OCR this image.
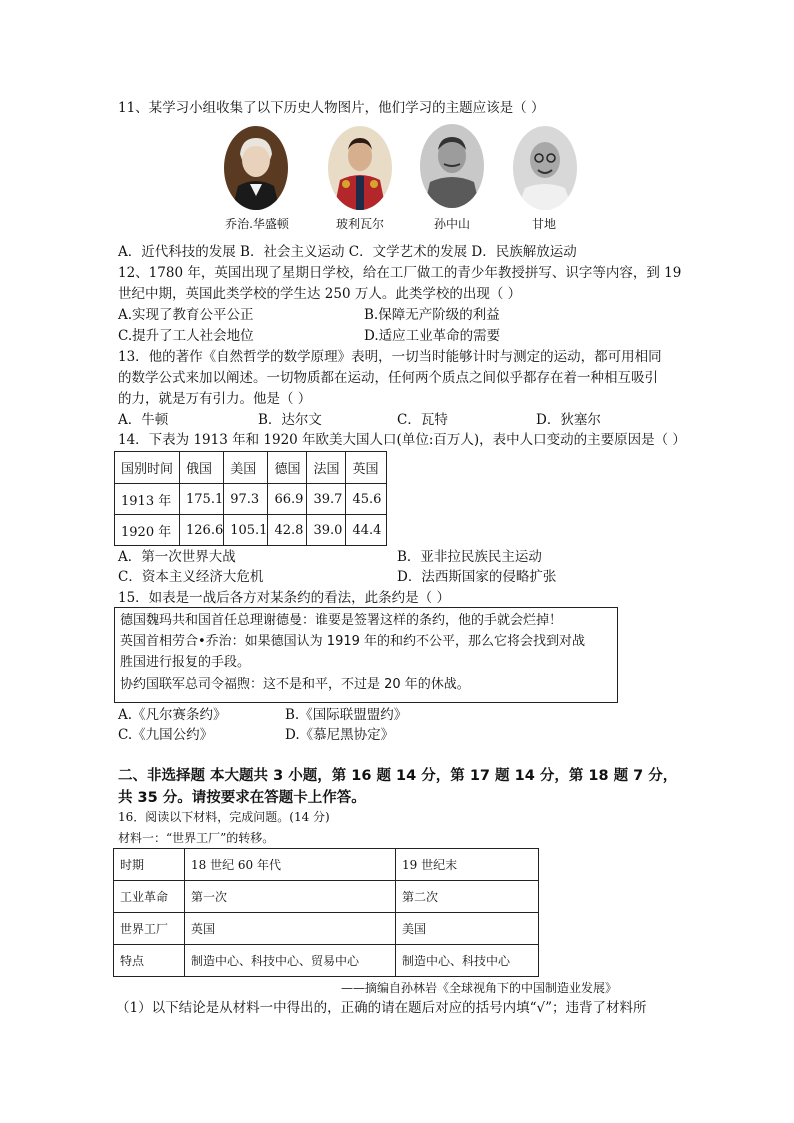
11、某学习小组收集了以下历史人物图片，他们学习的主题应该是（ ）
乔治.华盛顿	玻利瓦尔	孙中山	甘地
A．近代科技的发展 B．社会主义运动 C．文学艺术的发展 D．民族解放运动
12、1780 年，英国出现了星期日学校，给在工厂做工的青少年教授拼写、识字等内容，到 19
世纪中期，英国此类学校的学生达 250 万人。此类学校的出现（ ）
A.实现了教育公平公正	B.保障无产阶级的利益
C.提升了工人社会地位	D.适应工业革命的需要
13．他的著作《自然哲学的数学原理》表明，一切当时能够计时与测定的运动，都可用相同
的数学公式来加以阐述。一切物质都在运动，任何两个质点之间似乎都存在着一种相互吸引
的力，就是万有引力。他是（ ）
A．牛顿	B．达尔文	C．瓦特	D．狄塞尔
14．下表为 1913 年和 1920 年欧美大国人口(单位:百万人)，表中人口变动的主要原因是（ ）
国别时间	俄国	美国	德国	法国	英国
1913 年	175.1	97.3	66.9	39.7	45.6
1920 年	126.6	105.1	42.8	39.0	44.4
A．第一次世界大战	B．亚非拉民族民主运动
C．资本主义经济大危机	D．法西斯国家的侵略扩张
15．如表是一战后各方对某条约的看法，此条约是（ ）
德国魏玛共和国首任总理谢德曼：谁要是签署这样的条约，他的手就会烂掉！
英国首相劳合•乔治：如果德国认为 1919 年的和约不公平，那么它将会找到对战
胜国进行报复的手段。
协约国联军总司令福煦：这不是和平，不过是 20 年的休战。
A.《凡尔赛条约》	B.《国际联盟盟约》
C.《九国公约》	D.《慕尼黑协定》
二、非选择题 本大题共 3 小题，第 16 题 14 分，第 17 题 14 分，第 18 题 7 分，
共 35 分。请按要求在答题卡上作答。
16．阅读以下材料，完成问题。(14 分)
材料一：“世界工厂”的转移。
时期	18 世纪 60 年代	19 世纪末
工业革命	第一次	第二次
世界工厂	英国	美国
特点	制造中心、科技中心、贸易中心	制造中心、科技中心
——摘编自孙林岩《全球视角下的中国制造业发展》
（1）以下结论是从材料一中得出的，正确的请在题后对应的括号内填“√”；违背了材料所
